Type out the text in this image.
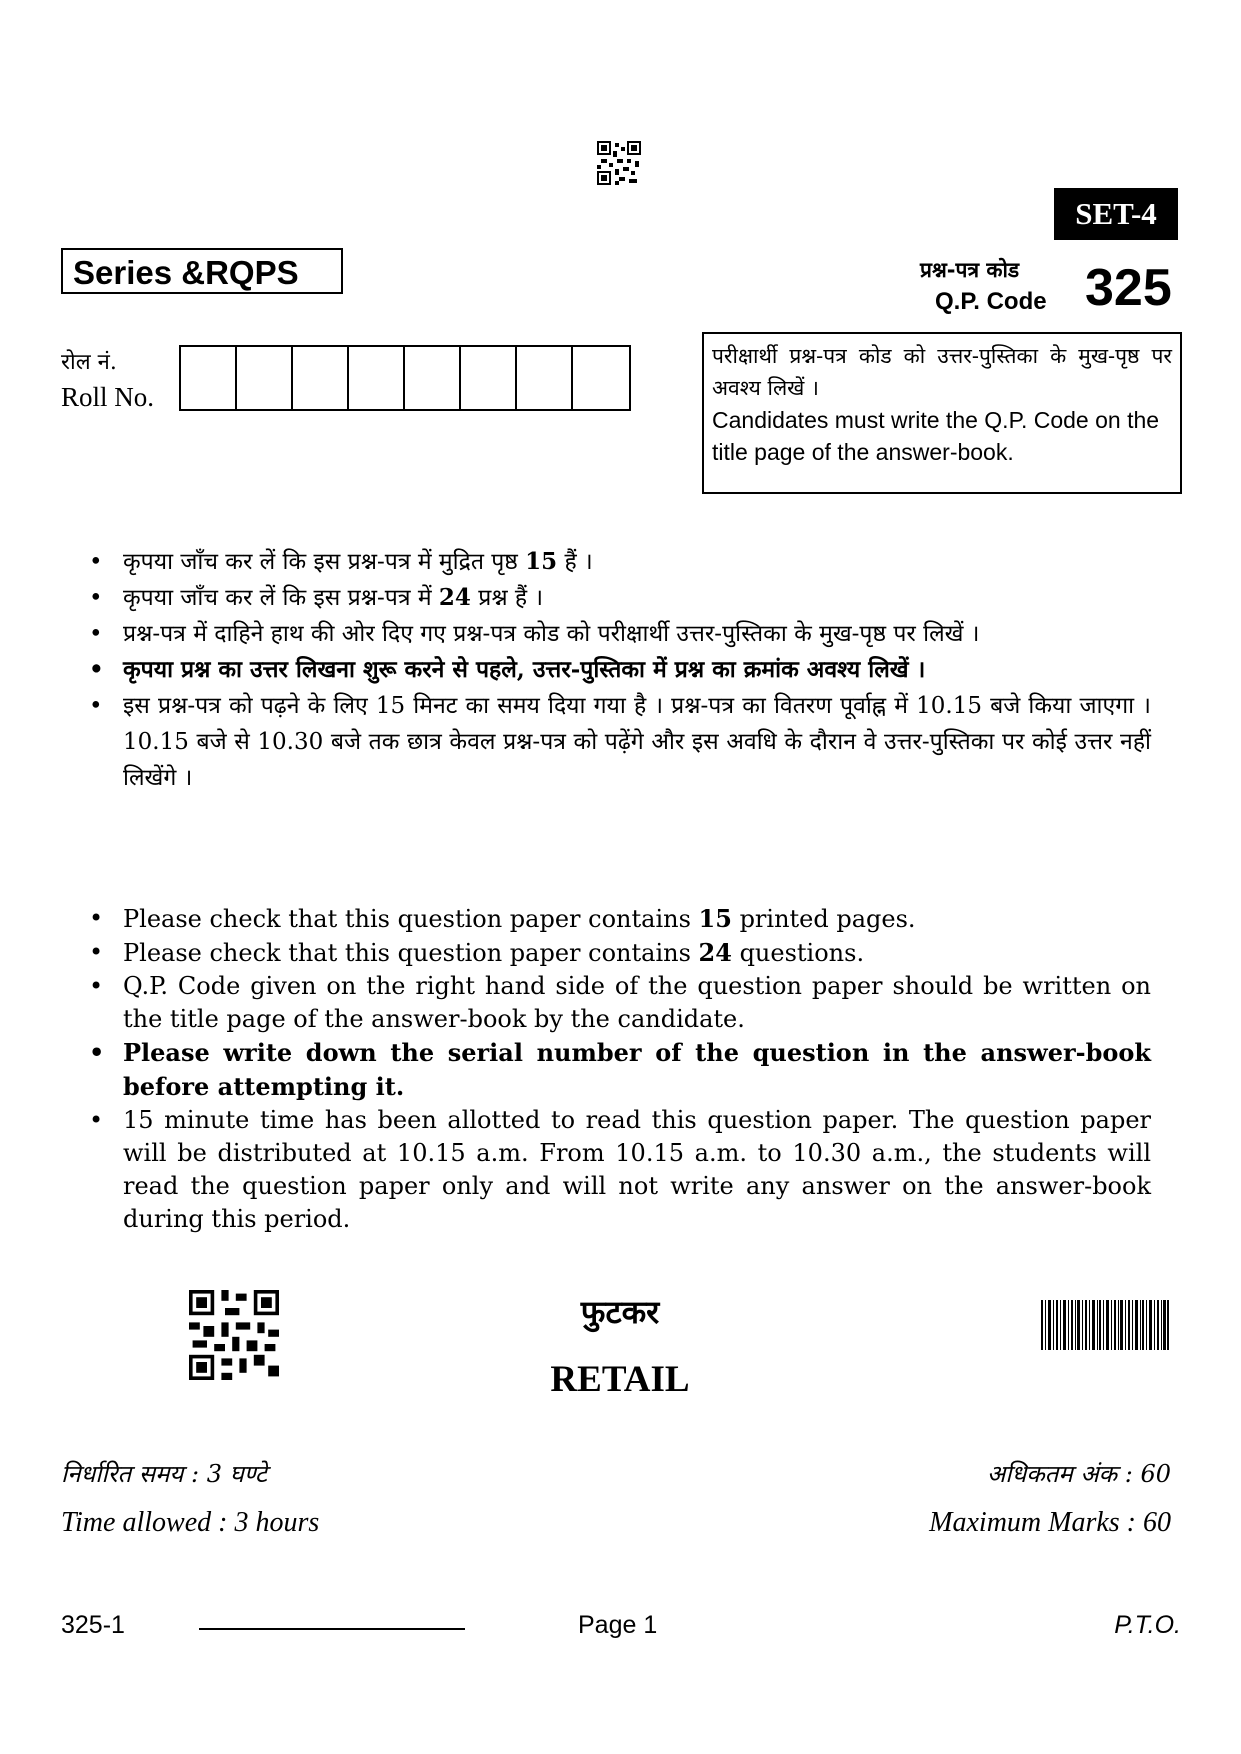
SET-4
Series &RQPS	प्रश्न-पत्र कोड
Q.P. Code 325
रोल नं.
Roll No.
परीक्षार्थी प्रश्न-पत्र कोड को उत्तर-पुस्तिका के मुख-पृष्ठ पर अवश्य लिखें ।
Candidates must write the Q.P. Code on the title page of the answer-book.
• कृपया जाँच कर लें कि इस प्रश्न-पत्र में मुद्रित पृष्ठ 15 हैं ।
• कृपया जाँच कर लें कि इस प्रश्न-पत्र में 24 प्रश्न हैं ।
• प्रश्न-पत्र में दाहिने हाथ की ओर दिए गए प्रश्न-पत्र कोड को परीक्षार्थी उत्तर-पुस्तिका के मुख-पृष्ठ पर लिखें ।
• कृपया प्रश्न का उत्तर लिखना शुरू करने से पहले, उत्तर-पुस्तिका में प्रश्न का क्रमांक अवश्य लिखें ।
• इस प्रश्न-पत्र को पढ़ने के लिए 15 मिनट का समय दिया गया है । प्रश्न-पत्र का वितरण पूर्वाह्न में 10.15 बजे किया जाएगा । 10.15 बजे से 10.30 बजे तक छात्र केवल प्रश्न-पत्र को पढ़ेंगे और इस अवधि के दौरान वे उत्तर-पुस्तिका पर कोई उत्तर नहीं लिखेंगे ।
• Please check that this question paper contains 15 printed pages.
• Please check that this question paper contains 24 questions.
• Q.P. Code given on the right hand side of the question paper should be written on the title page of the answer-book by the candidate.
• Please write down the serial number of the question in the answer-book before attempting it.
• 15 minute time has been allotted to read this question paper. The question paper will be distributed at 10.15 a.m. From 10.15 a.m. to 10.30 a.m., the students will read the question paper only and will not write any answer on the answer-book during this period.
फुटकर
RETAIL
निर्धारित समय : 3 घण्टे
Time allowed : 3 hours
अधिकतम अंक : 60
Maximum Marks : 60
325-1	Page 1	P.T.O.
